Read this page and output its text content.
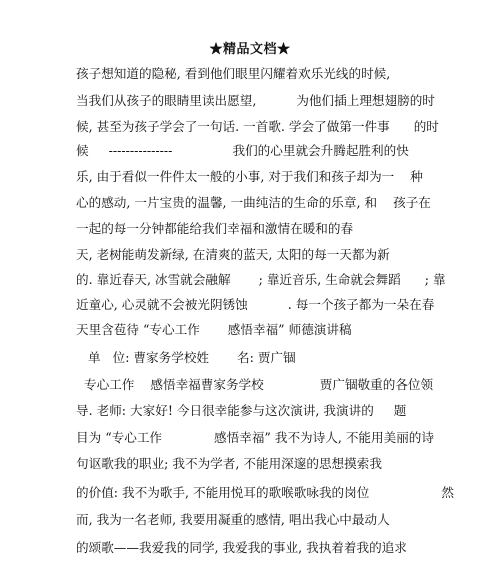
★精品文档★
孩子想知道的隐秘, 看到他们眼里闪耀着欢乐光线的时候,
当我们从孩子的眼睛里读出愿望,          为他们插上理想翅膀的时
候, 甚至为孩子学会了一句话. 一首歌. 学会了做第一件事      的时
候     ---------------               我们的心里就会升腾起胜利的快
乐, 由于看似一件件太一般的小事, 对于我们和孩子却为一    种
心的感动, 一片宝贵的温馨, 一曲纯洁的生命的乐章, 和    孩子在
一起的每一分钟都能给我们幸福和激情在暖和的春
天, 老树能萌发新绿, 在清爽的蓝天, 太阳的每一天都为新
的. 靠近春天, 冰雪就会融解       ; 靠近音乐, 生命就会舞蹈      ; 靠
近童心, 心灵就不会被光阴锈蚀          . 每一个孩子都为一朵在春
天里含苞待 “专心工作       感悟幸福” 师德演讲稿
单   位: 曹家务学校姓       名: 贾广锢
专心工作    感悟幸福曹家务学校              贾广锢敬重的各位领
导. 老师: 大家好! 今日很幸能参与这次演讲, 我演讲的     题
目为 “专心工作             感悟幸福” 我不为诗人, 不能用美丽的诗
句讴歌我的职业; 我不为学者, 不能用深邃的思想摸索我
的价值: 我不为歌手, 不能用悦耳的歌喉歌咏我的岗位                  然
而, 我为一名老师, 我要用凝重的感情, 唱出我心中最动人
的颂歌——我爱我的同学, 我爱我的事业, 我执着着我的追求
